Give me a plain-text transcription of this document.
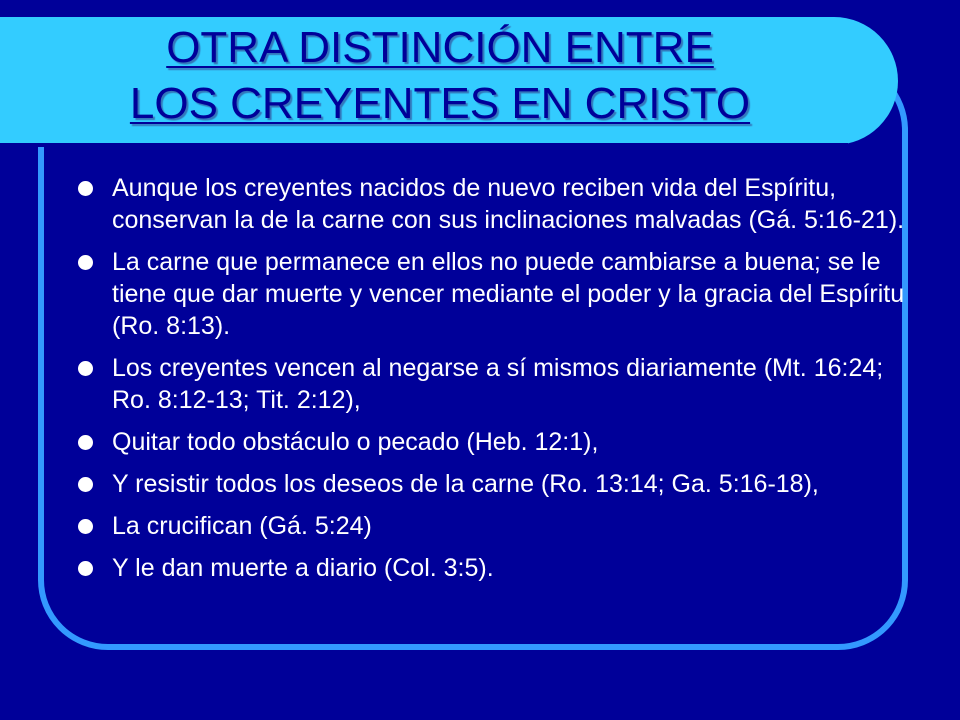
OTRA DISTINCIÓN ENTRE
LOS CREYENTES EN CRISTO
Aunque los creyentes nacidos de nuevo reciben vida del Espíritu, conservan la de la carne con sus inclinaciones malvadas (Gá. 5:16-21).
La carne que permanece en ellos no puede cambiarse a buena; se le tiene que dar muerte y vencer mediante el poder y la gracia del Espíritu (Ro. 8:13).
Los creyentes vencen al negarse a sí mismos diariamente (Mt. 16:24; Ro. 8:12-13; Tit. 2:12),
Quitar todo obstáculo o pecado (Heb. 12:1),
Y resistir todos los deseos de la carne (Ro. 13:14; Ga. 5:16-18),
La crucifican (Gá. 5:24)
Y le dan muerte a diario (Col. 3:5).
